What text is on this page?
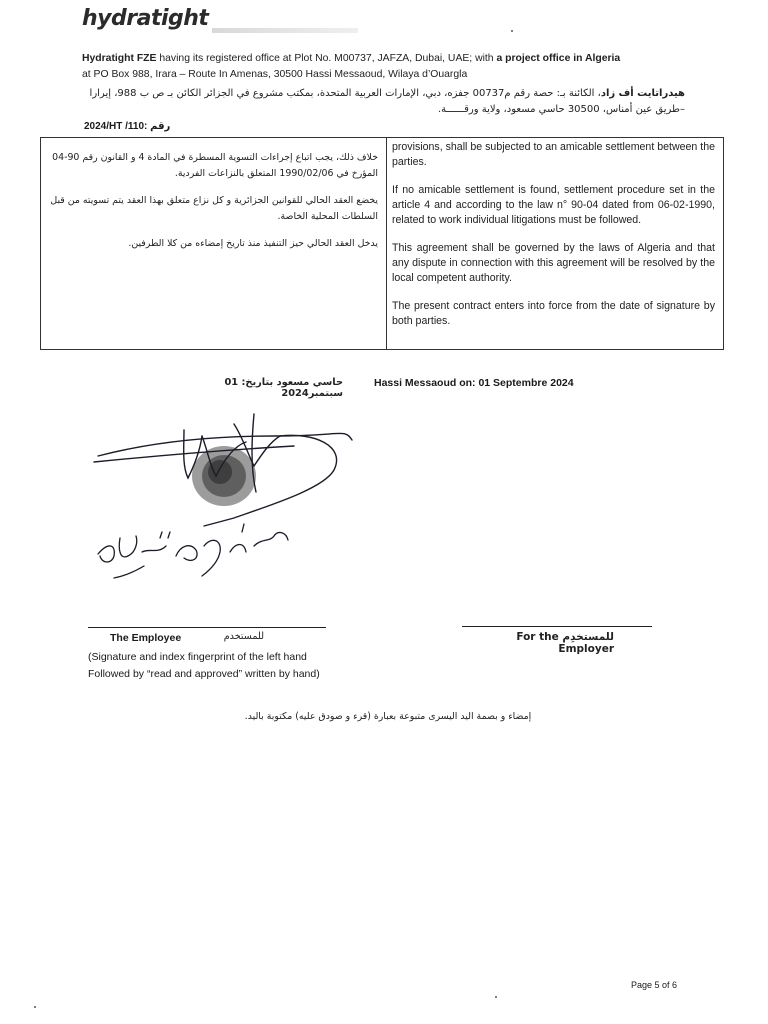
hydratight
Hydratight FZE having its registered office at Plot No. M00737, JAFZA, Dubai, UAE; with a project office in Algeria
at PO Box 988, Irara – Route In Amenas, 30500 Hassi Messaoud, Wilaya d’Ouargla
هيدراتايت أف زاد، الكائنة بـ: حصة رقم م00737 جفزه، دبي، الإمارات العربية المتحدة، بمكتب مشروع في الجزائر الكائن بـ ص ب 988، إيرارا
–طريق عين أمناس، 30500 حاسي مسعود، ولاية ورقــــــة.
2024/HT /110: رقم

خلاف ذلك، يجب اتباع إجراءات التسوية المسطرة في المادة 4 و القانون رقم 90-04 المؤرخ في 1990/02/06 المتعلق بالنزاعات الفردية.

يخضع العقد الحالي للقوانين الجزائرية و كل نزاع متعلق بهذا العقد يتم تسويته من قبل السلطات المحلية الخاصة.

يدخل العقد الحالي حيز التنفيذ منذ تاريخ إمضاءه من كلا الطرفين.

provisions, shall be subjected to an amicable settlement between the parties.

If no amicable settlement is found, settlement procedure set in the article 4 and according to the law n° 90-04 dated from 06-02-1990, related to work individual litigations must be followed.

This agreement shall be governed by the laws of Algeria and that any dispute in connection with this agreement will be resolved by the local competent authority.

The present contract enters into force from the date of signature by both parties.

حاسي مسعود بتاريخ: 01 سبتمبر2024
Hassi Messaoud on: 01 Septembre 2024
The Employee	للمستخدم	للمستخدِم For the Employer
(Signature and index fingerprint of the left hand
Followed by “read and approved” written by hand)
إمضاء و بصمة اليد اليسرى متبوعة بعبارة (قرء و صودق عليه) مكتوبة باليد.
Page 5 of 6
